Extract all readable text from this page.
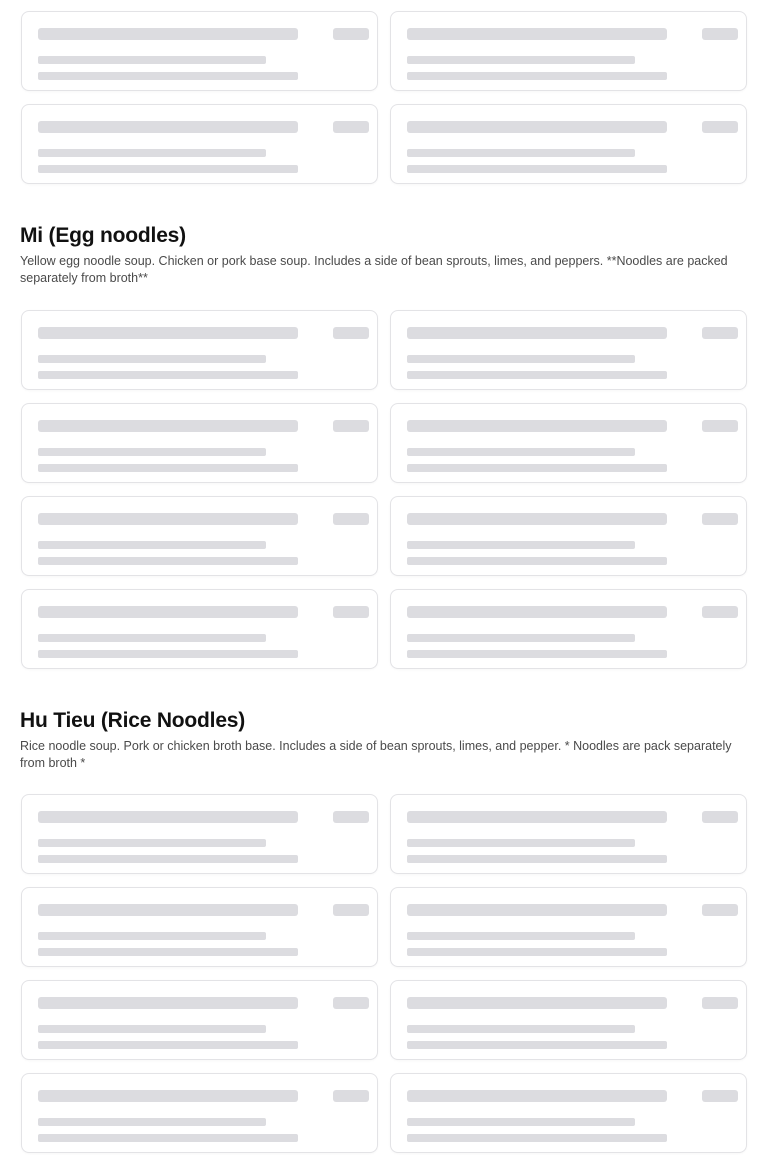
Mi (Egg noodles)

Yellow egg noodle soup. Chicken or pork base soup. Includes a side of bean sprouts, limes, and peppers. **Noodles are packed separately from broth**

Hu Tieu (Rice Noodles)

Rice noodle soup. Pork or chicken broth base. Includes a side of bean sprouts, limes, and pepper. * Noodles are pack separately from broth *
